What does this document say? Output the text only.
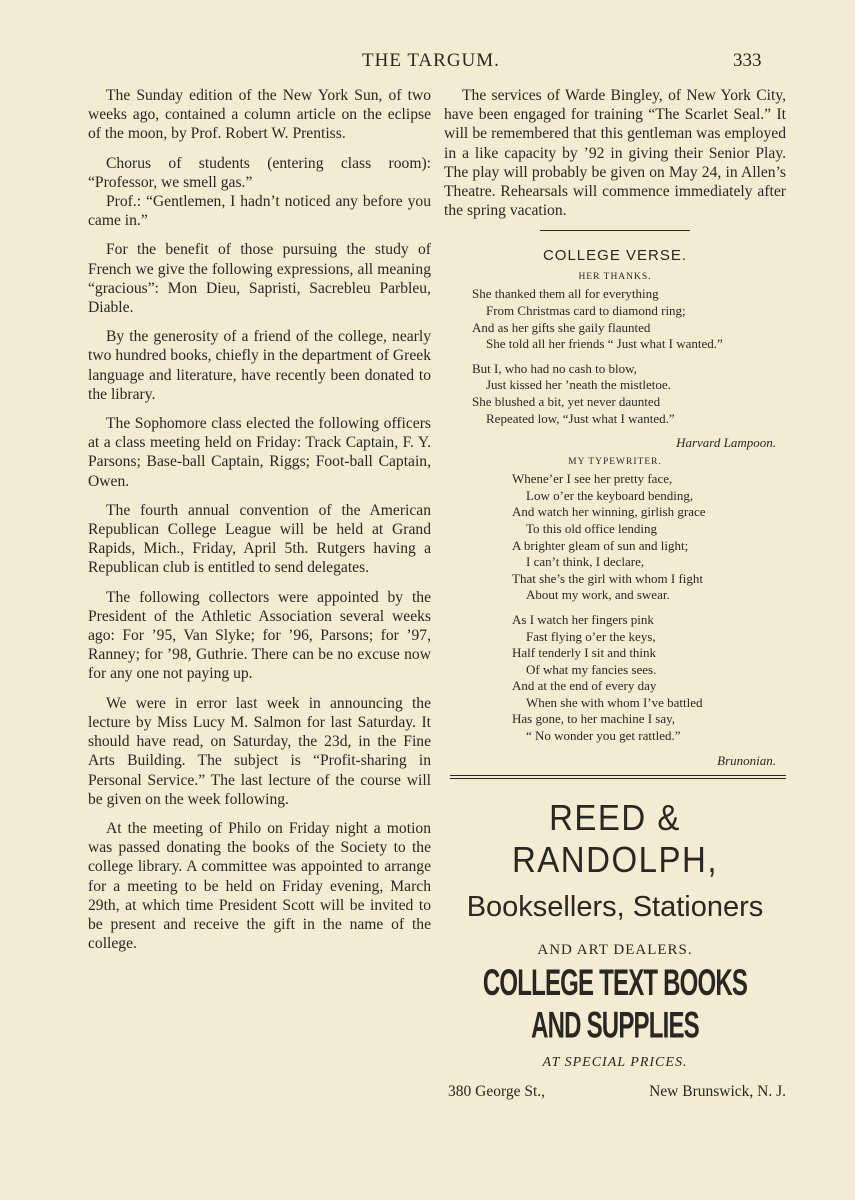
THE TARGUM.	333

The Sunday edition of the New York Sun, of two weeks ago, contained a column article on the eclipse of the moon, by Prof. Robert W. Prentiss.

Chorus of students (entering class room): “Professor, we smell gas.”

Prof.: “Gentlemen, I hadn’t noticed any before you came in.”

For the benefit of those pursuing the study of French we give the following expressions, all meaning “gracious”: Mon Dieu, Sapristi, Sacrebleu Parbleu, Diable.

By the generosity of a friend of the college, nearly two hundred books, chiefly in the department of Greek language and literature, have recently been donated to the library.

The Sophomore class elected the following officers at a class meeting held on Friday: Track Captain, F. Y. Parsons; Base-ball Captain, Riggs; Foot-ball Captain, Owen.

The fourth annual convention of the American Republican College League will be held at Grand Rapids, Mich., Friday, April 5th. Rutgers having a Republican club is entitled to send delegates.

The following collectors were appointed by the President of the Athletic Association several weeks ago: For ’95, Van Slyke; for ’96, Parsons; for ’97, Ranney; for ’98, Guthrie. There can be no excuse now for any one not paying up.

We were in error last week in announcing the lecture by Miss Lucy M. Salmon for last Saturday. It should have read, on Saturday, the 23d, in the Fine Arts Building. The subject is “Profit-sharing in Personal Service.” The last lecture of the course will be given on the week following.

At the meeting of Philo on Friday night a motion was passed donating the books of the Society to the college library. A committee was appointed to arrange for a meeting to be held on Friday evening, March 29th, at which time President Scott will be invited to be present and receive the gift in the name of the college.

The services of Warde Bingley, of New York City, have been engaged for training “The Scarlet Seal.” It will be remembered that this gentleman was employed in a like capacity by ’92 in giving their Senior Play. The play will probably be given on May 24, in Allen’s Theatre. Rehearsals will commence immediately after the spring vacation.

COLLEGE VERSE.
HER THANKS.
She thanked them all for everything
From Christmas card to diamond ring;
And as her gifts she gaily flaunted
She told all her friends “ Just what I wanted.”
But I, who had no cash to blow,
Just kissed her ’neath the mistletoe.
She blushed a bit, yet never daunted
Repeated low, “Just what I wanted.”
Harvard Lampoon.
MY TYPEWRITER.
Whene’er I see her pretty face,
Low o’er the keyboard bending,
And watch her winning, girlish grace
To this old office lending
A brighter gleam of sun and light;
I can’t think, I declare,
That she’s the girl with whom I fight
About my work, and swear.
As I watch her fingers pink
Fast flying o’er the keys,
Half tenderly I sit and think
Of what my fancies sees.
And at the end of every day
When she with whom I’ve battled
Has gone, to her machine I say,
“ No wonder you get rattled.”
Brunonian.
REED & RANDOLPH,
Booksellers, Stationers
AND ART DEALERS.
COLLEGE TEXT BOOKS AND SUPPLIES
AT SPECIAL PRICES.
380 George St.,	New Brunswick, N. J.
